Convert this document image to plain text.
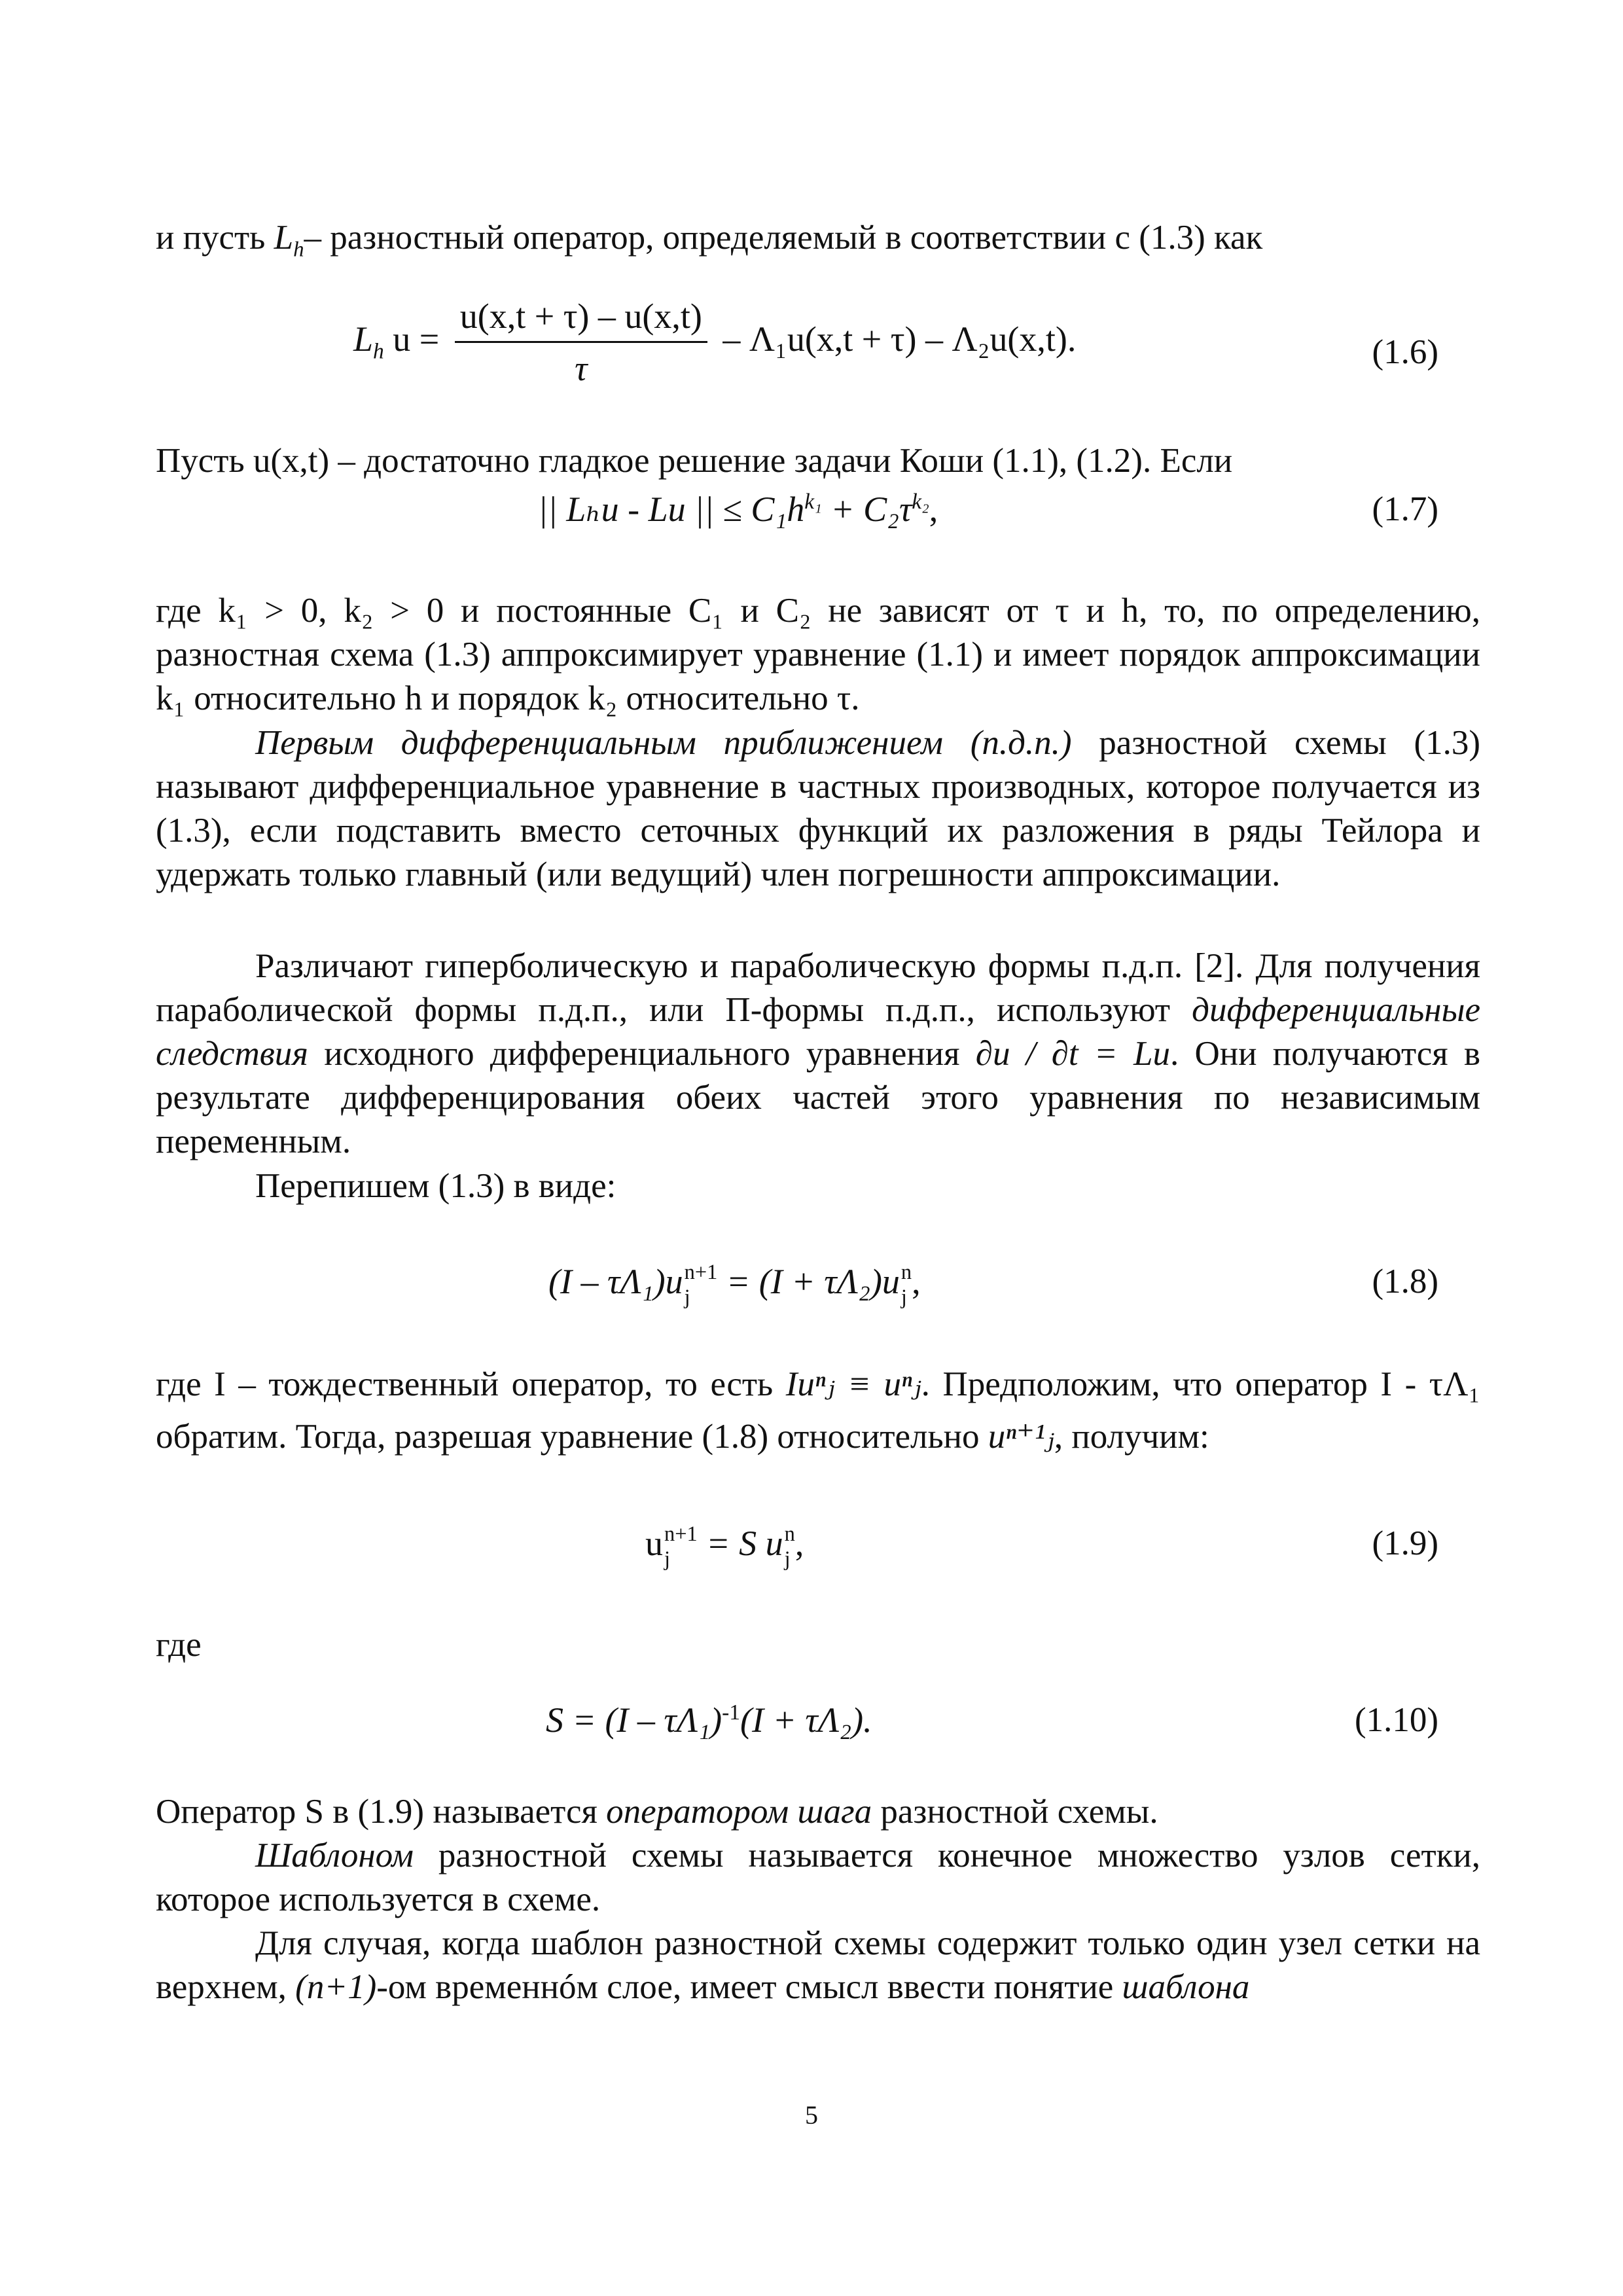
и пусть $L_h-$ разностный оператор, определяемый в соответствии с (1.3) как

$L_h$ $u = \frac{u(x,t + \tau) - u(x,t)}{\tau} - \Lambda_1u(x,t + \tau) - \Lambda_2u(x,t)$.	(1.6)

Пусть u(x,t) – достаточно гладкое решение задачи Коши (1.1), (1.2). Если

|| Lₕu - Lu || ≤ $C_1h^{k_1} + C_2\tau^{k_2}$,	(1.7)

где k₁ > 0, k₂ > 0 и постоянные C₁ и C₂ не зависят от τ и h, то, по определению, разностная схема (1.3) аппроксимирует уравнение (1.1) и имеет порядок аппроксимации k₁ относительно h и порядок k₂ относительно τ.

Первым дифференциальным приближением (п.д.п.) разностной схемы (1.3) называют дифференциальное уравнение в частных производных, которое получается из (1.3), если подставить вместо сеточных функций их разложения в ряды Тейлора и удержать только главный (или ведущий) член погрешности аппроксимации.

Различают гиперболическую и параболическую формы п.д.п. [2]. Для получения параболической формы п.д.п., или П-формы п.д.п., используют дифференциальные следствия исходного дифференциального уравнения ∂u / ∂t = Lu. Они получаются в результате дифференцирования обеих частей этого уравнения по независимым переменным.

Перепишем (1.3) в виде:

(I – τΛ₁)u n+1
j	= (I + τΛ₂)u n
j ,	(1.8)

где I – тождественный оператор, то есть Iuⁿⱼ ≡ uⁿⱼ. Предположим, что оператор I - τΛ₁ обратим. Тогда, разрешая уравнение (1.8) относительно uⁿ⁺¹ⱼ, получим:

u n+1
j	= S u n
j ,	(1.9)

где

S = (I – τΛ₁)$^{-1}$(I + τΛ₂).	(1.10)

Оператор S в (1.9) называется оператором шага разностной схемы.

Шаблоном разностной схемы называется конечное множество узлов сетки, которое используется в схеме.

Для случая, когда шаблон разностной схемы содержит только один узел сетки на верхнем, (n+1)-ом временнóм слое, имеет смысл ввести понятие шаблона

5
